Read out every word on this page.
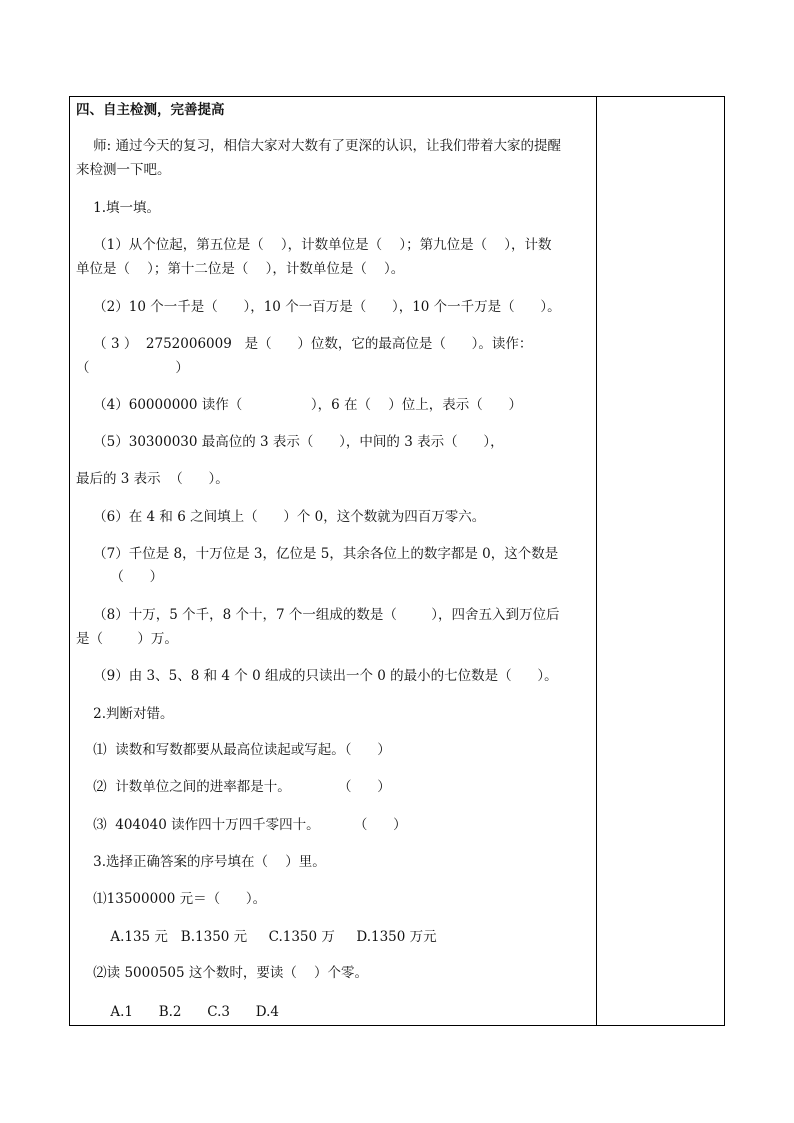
四、自主检测，完善提高
师: 通过今天的复习，相信大家对大数有了更深的认识，让我们带着大家的提醒
来检测一下吧。
1.填一填。
（1）从个位起，第五位是（    ），计数单位是（    ）；第九位是（    ），计数
单位是（    ）；第十二位是（    ），计数单位是（    ）。
（2）10 个一千是（      ），10 个一百万是（      ），10 个一千万是（      ）。
（ 3 ）  2752006009   是（      ）位数，它的最高位是（      ）。读作：
（                    ）
（4）60000000 读作（                ），6 在（    ）位上，表示（      ）
（5）30300030 最高位的 3 表示（      ），中间的 3 表示（      ），
最后的 3 表示  （      ）。
（6）在 4 和 6 之间填上（      ）个 0，这个数就为四百万零六。
（7）千位是 8，十万位是 3，亿位是 5，其余各位上的数字都是 0，这个数是
（      ）
（8）十万，5 个千，8 个十，7 个一组成的数是（        ），四舍五入到万位后
是（        ）万。
（9）由 3、5、8 和 4 个 0 组成的只读出一个 0 的最小的七位数是（      ）。
2.判断对错。
⑴  读数和写数都要从最高位读起或写起。（      ）
⑵  计数单位之间的进率都是十。           （      ）
⑶  404040 读作四十万四千零四十。        （      ）
3.选择正确答案的序号填在（    ）里。
⑴13500000 元＝（      ）。
A.135 元   B.1350 元     C.1350 万     D.1350 万元
⑵读 5000505 这个数时，要读（    ）个零。
A.1      B.2      C.3      D.4
